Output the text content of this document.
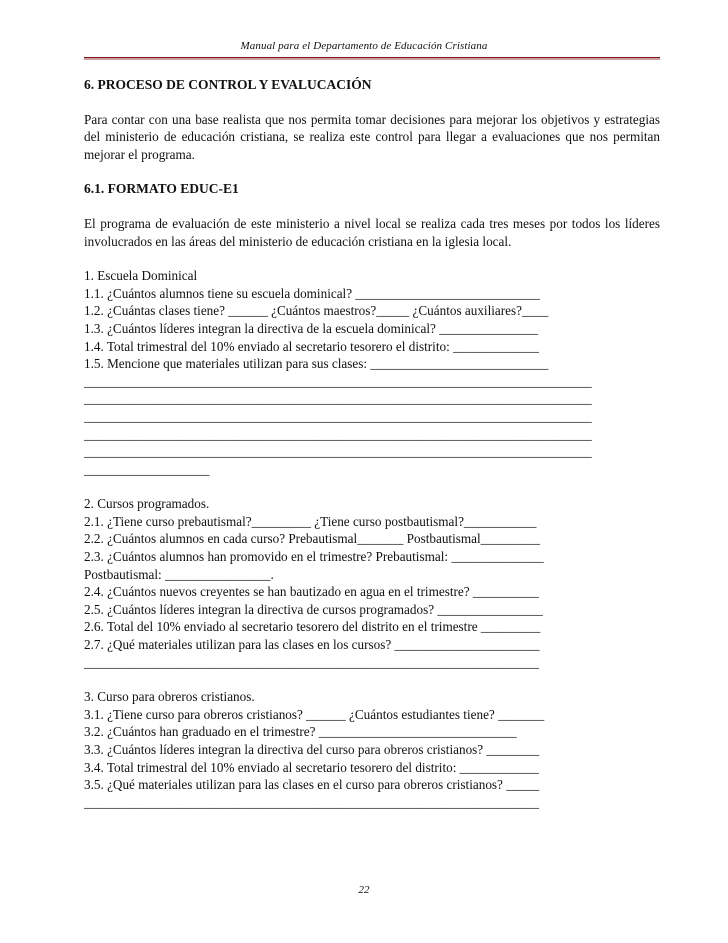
Manual para el Departamento de Educación Cristiana

6. PROCESO DE CONTROL Y EVALUCACIÓN

Para contar con una base realista que nos permita tomar decisiones para mejorar los objetivos y estrategias del ministerio de educación cristiana, se realiza este control para llegar a evaluaciones que nos permitan mejorar el programa.

6.1. FORMATO EDUC-E1

El programa de evaluación de este ministerio a nivel local se realiza cada tres meses por todos los líderes involucrados en las áreas del ministerio de educación cristiana en la iglesia local.

1. Escuela Dominical

1.1. ¿Cuántos alumnos tiene su escuela dominical? ____________________________

1.2. ¿Cuántas clases tiene? ______ ¿Cuántos maestros?_____ ¿Cuántos auxiliares?____

1.3. ¿Cuántos líderes integran la directiva de la escuela dominical? _______________

1.4. Total trimestral del 10% enviado al secretario tesorero el distrito: _____________

1.5. Mencione que materiales utilizan para sus clases: ___________________________

_____________________________________________________________________________

_____________________________________________________________________________

_____________________________________________________________________________

_____________________________________________________________________________

_____________________________________________________________________________

___________________

2. Cursos programados.

2.1. ¿Tiene curso prebautismal?_________ ¿Tiene curso postbautismal?___________

2.2. ¿Cuántos alumnos en cada curso? Prebautismal_______ Postbautismal_________

2.3. ¿Cuántos alumnos han promovido en el trimestre? Prebautismal: ______________

Postbautismal: ________________.

2.4. ¿Cuántos nuevos creyentes se han bautizado en agua en el trimestre? __________

2.5. ¿Cuántos líderes integran la directiva de cursos programados? ________________

2.6. Total del 10% enviado al secretario tesorero del distrito en el trimestre _________

2.7. ¿Qué materiales utilizan para las clases en los cursos? ______________________

_____________________________________________________________________

3. Curso para obreros cristianos.

3.1. ¿Tiene curso para obreros cristianos? ______ ¿Cuántos estudiantes tiene? _______

3.2. ¿Cuántos han graduado en el trimestre? ______________________________

3.3. ¿Cuántos líderes integran la directiva del curso para obreros cristianos? ________

3.4. Total trimestral del 10% enviado al secretario tesorero del distrito: ____________

3.5. ¿Qué materiales utilizan para las clases en el curso para obreros cristianos? _____

_____________________________________________________________________

22
